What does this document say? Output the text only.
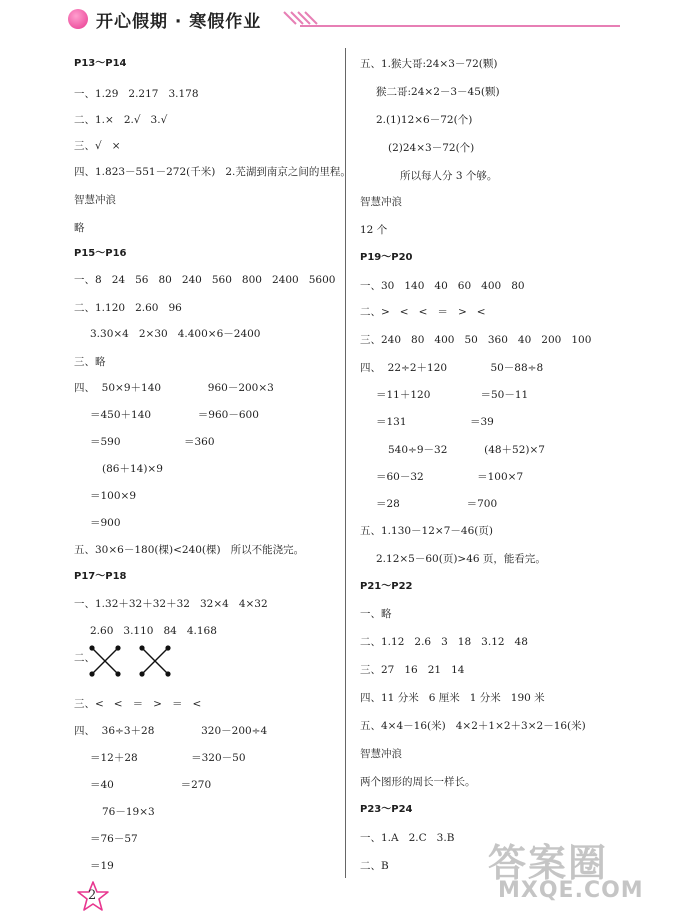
开心假期 · 寒假作业
P13～P14
一、1.29   2.217   3.178
二、1.×   2.√   3.√
三、√   ×
四、1.823－551－272(千米)   2.芜湖到南京之间的里程。
智慧冲浪
略
P15～P16
一、8   24   56   80   240   560   800   2400   5600
二、1.120   2.60   96
3.30×4   2×30   4.400×6－2400
三、略
四、  50×9＋140              960－200×3
＝450＋140              ＝960－600
＝590                   ＝360
(86＋14)×9
＝100×9
＝900
五、30×6－180(棵)<240(棵)   所以不能浇完。
P17～P18
一、1.32＋32＋32＋32   32×4   4×32
2.60   3.110   84   4.168
二、
三、<   <   ＝   >   ＝   <
四、  36÷3＋28              320－200÷4
＝12＋28                ＝320－50
＝40                    ＝270
76－19×3
＝76－57
＝19
五、1.猴大哥:24×3－72(颗)
猴二哥:24×2－3－45(颗)
2.(1)12×6－72(个)
(2)24×3－72(个)
所以每人分 3 个够。
智慧冲浪
12 个
P19～P20
一、30   140   40   60   400   80
二、>   <   <   ＝   >   <
三、240   80   400   50   360   40   200   100
四、  22÷2＋120             50－88÷8
＝11＋120               ＝50－11
＝131                   ＝39
540÷9－32           (48＋52)×7
＝60－32                ＝100×7
＝28                    ＝700
五、1.130－12×7－46(页)
2.12×5－60(页)>46 页，能看完。
P21～P22
一、略
二、1.12   2.6   3   18   3.12   48
三、27   16   21   14
四、11 分米   6 厘米   1 分米   190 米
五、4×4－16(米)   4×2＋1×2＋3×2－16(米)
智慧冲浪
两个图形的周长一样长。
P23～P24
一、1.A   2.C   3.B
二、B
2
答案圈
MXQE.COM
